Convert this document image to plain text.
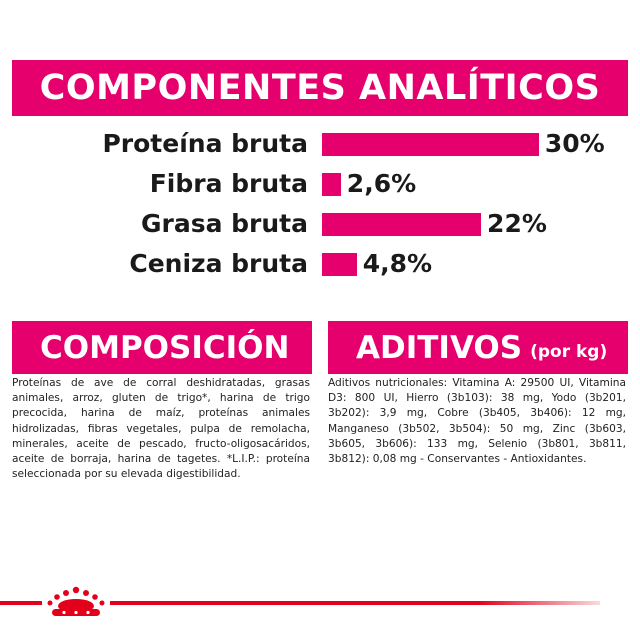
COMPONENTES ANALÍTICOS
Proteína bruta	30%
Fibra bruta 2,6%
Grasa bruta	22%
Ceniza bruta 4,8%
COMPOSICIÓN
Proteínas de ave de corral deshidratadas, grasas animales, arroz, gluten de trigo*, harina de trigo precocida, harina de maíz, proteínas animales hidrolizadas, fibras vegetales, pulpa de remolacha, minerales, aceite de pescado, fructo-oligosacáridos, aceite de borraja, harina de tagetes. *L.I.P.: proteína seleccionada por su elevada digestibilidad.
ADITIVOS (por kg)
Aditivos nutricionales: Vitamina A: 29500 UI, Vitamina D3: 800 UI, Hierro (3b103): 38 mg, Yodo (3b201, 3b202): 3,9 mg, Cobre (3b405, 3b406): 12 mg, Manganeso (3b502, 3b504): 50 mg, Zinc (3b603, 3b605, 3b606): 133 mg, Selenio (3b801, 3b811, 3b812): 0,08 mg - Conservantes - Antioxidantes.
